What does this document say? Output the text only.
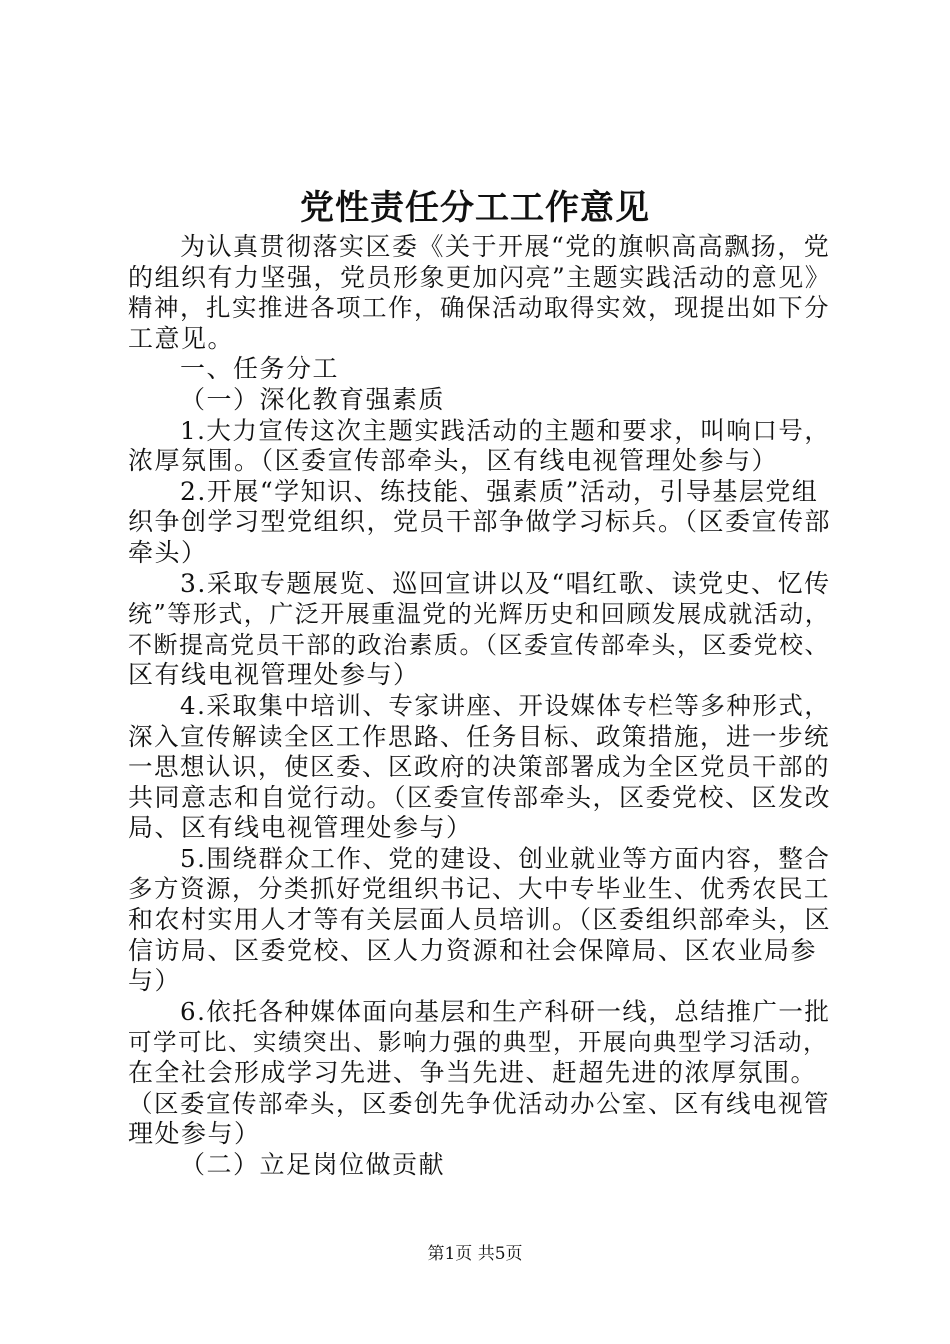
党性责任分工工作意见
为认真贯彻落实区委《关于开展“党的旗帜高高飘扬，党
的组织有力坚强，党员形象更加闪亮”主题实践活动的意见》
精神，扎实推进各项工作，确保活动取得实效，现提出如下分
工意见。
一、任务分工
（一）深化教育强素质
1.大力宣传这次主题实践活动的主题和要求，叫响口号，
浓厚氛围。（区委宣传部牵头，区有线电视管理处参与）
2.开展“学知识、练技能、强素质”活动，引导基层党组
织争创学习型党组织，党员干部争做学习标兵。（区委宣传部
牵头）
3.采取专题展览、巡回宣讲以及“唱红歌、读党史、忆传
统”等形式，广泛开展重温党的光辉历史和回顾发展成就活动，
不断提高党员干部的政治素质。（区委宣传部牵头，区委党校、
区有线电视管理处参与）
4.采取集中培训、专家讲座、开设媒体专栏等多种形式，
深入宣传解读全区工作思路、任务目标、政策措施，进一步统
一思想认识，使区委、区政府的决策部署成为全区党员干部的
共同意志和自觉行动。（区委宣传部牵头，区委党校、区发改
局、区有线电视管理处参与）
5.围绕群众工作、党的建设、创业就业等方面内容，整合
多方资源，分类抓好党组织书记、大中专毕业生、优秀农民工
和农村实用人才等有关层面人员培训。（区委组织部牵头，区
信访局、区委党校、区人力资源和社会保障局、区农业局参
与）
6.依托各种媒体面向基层和生产科研一线，总结推广一批
可学可比、实绩突出、影响力强的典型，开展向典型学习活动，
在全社会形成学习先进、争当先进、赶超先进的浓厚氛围。
（区委宣传部牵头，区委创先争优活动办公室、区有线电视管
理处参与）
（二）立足岗位做贡献
第1页 共5页
